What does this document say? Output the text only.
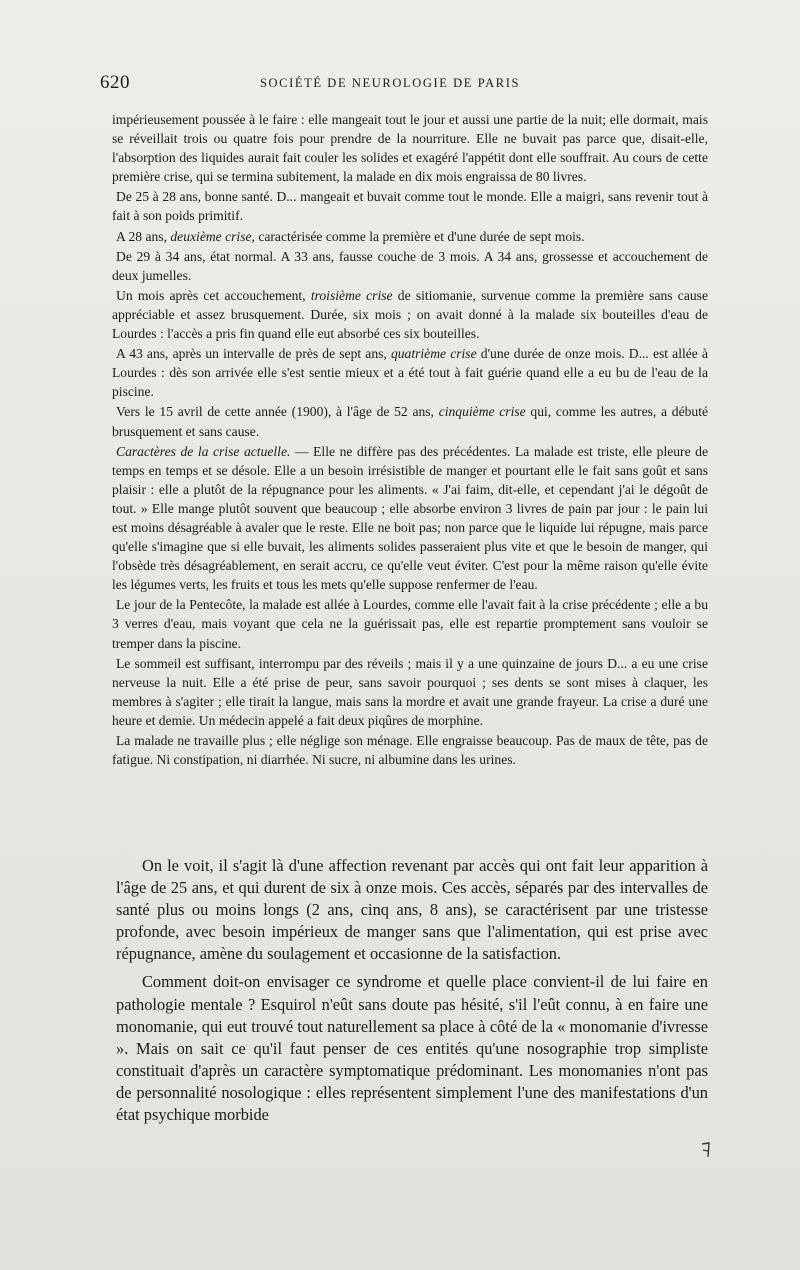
620	SOCIÉTÉ DE NEUROLOGIE DE PARIS

impérieusement poussée à le faire : elle mangeait tout le jour et aussi une partie de la nuit; elle dormait, mais se réveillait trois ou quatre fois pour prendre de la nourriture. Elle ne buvait pas parce que, disait-elle, l'absorption des liquides aurait fait couler les solides et exagéré l'appétit dont elle souffrait. Au cours de cette première crise, qui se termina subitement, la malade en dix mois engraissa de 80 livres.

De 25 à 28 ans, bonne santé. D... mangeait et buvait comme tout le monde. Elle a maigri, sans revenir tout à fait à son poids primitif.

A 28 ans, deuxième crise, caractérisée comme la première et d'une durée de sept mois.

De 29 à 34 ans, état normal. A 33 ans, fausse couche de 3 mois. A 34 ans, grossesse et accouchement de deux jumelles.

Un mois après cet accouchement, troisième crise de sitiomanie, survenue comme la première sans cause appréciable et assez brusquement. Durée, six mois ; on avait donné à la malade six bouteilles d'eau de Lourdes : l'accès a pris fin quand elle eut absorbé ces six bouteilles.

A 43 ans, après un intervalle de près de sept ans, quatrième crise d'une durée de onze mois. D... est allée à Lourdes : dès son arrivée elle s'est sentie mieux et a été tout à fait guérie quand elle a eu bu de l'eau de la piscine.

Vers le 15 avril de cette année (1900), à l'âge de 52 ans, cinquième crise qui, comme les autres, a débuté brusquement et sans cause.

Caractères de la crise actuelle. — Elle ne diffère pas des précédentes. La malade est triste, elle pleure de temps en temps et se désole. Elle a un besoin irrésistible de manger et pourtant elle le fait sans goût et sans plaisir : elle a plutôt de la répugnance pour les aliments. « J'ai faim, dit-elle, et cependant j'ai le dégoût de tout. » Elle mange plutôt souvent que beaucoup ; elle absorbe environ 3 livres de pain par jour : le pain lui est moins désagréable à avaler que le reste. Elle ne boit pas; non parce que le liquide lui répugne, mais parce qu'elle s'imagine que si elle buvait, les aliments solides passeraient plus vite et que le besoin de manger, qui l'obsède très désagréablement, en serait accru, ce qu'elle veut éviter. C'est pour la même raison qu'elle évite les légumes verts, les fruits et tous les mets qu'elle suppose renfermer de l'eau.

Le jour de la Pentecôte, la malade est allée à Lourdes, comme elle l'avait fait à la crise précédente ; elle a bu 3 verres d'eau, mais voyant que cela ne la guérissait pas, elle est repartie promptement sans vouloir se tremper dans la piscine.

Le sommeil est suffisant, interrompu par des réveils ; mais il y a une quinzaine de jours D... a eu une crise nerveuse la nuit. Elle a été prise de peur, sans savoir pourquoi ; ses dents se sont mises à claquer, les membres à s'agiter ; elle tirait la langue, mais sans la mordre et avait une grande frayeur. La crise a duré une heure et demie. Un médecin appelé a fait deux piqûres de morphine.

La malade ne travaille plus ; elle néglige son ménage. Elle engraisse beaucoup. Pas de maux de tête, pas de fatigue. Ni constipation, ni diarrhée. Ni sucre, ni albumine dans les urines.

On le voit, il s'agit là d'une affection revenant par accès qui ont fait leur apparition à l'âge de 25 ans, et qui durent de six à onze mois. Ces accès, séparés par des intervalles de santé plus ou moins longs (2 ans, cinq ans, 8 ans), se caractérisent par une tristesse profonde, avec besoin impérieux de manger sans que l'alimentation, qui est prise avec répugnance, amène du soulagement et occasionne de la satisfaction.

Comment doit-on envisager ce syndrome et quelle place convient-il de lui faire en pathologie mentale ? Esquirol n'eût sans doute pas hésité, s'il l'eût connu, à en faire une monomanie, qui eut trouvé tout naturellement sa place à côté de la « monomanie d'ivresse ». Mais on sait ce qu'il faut penser de ces entités qu'une nosographie trop simpliste constituait d'après un caractère symptomatique prédominant. Les monomanies n'ont pas de personnalité nosologique : elles représentent simplement l'une des manifestations d'un état psychique morbide
